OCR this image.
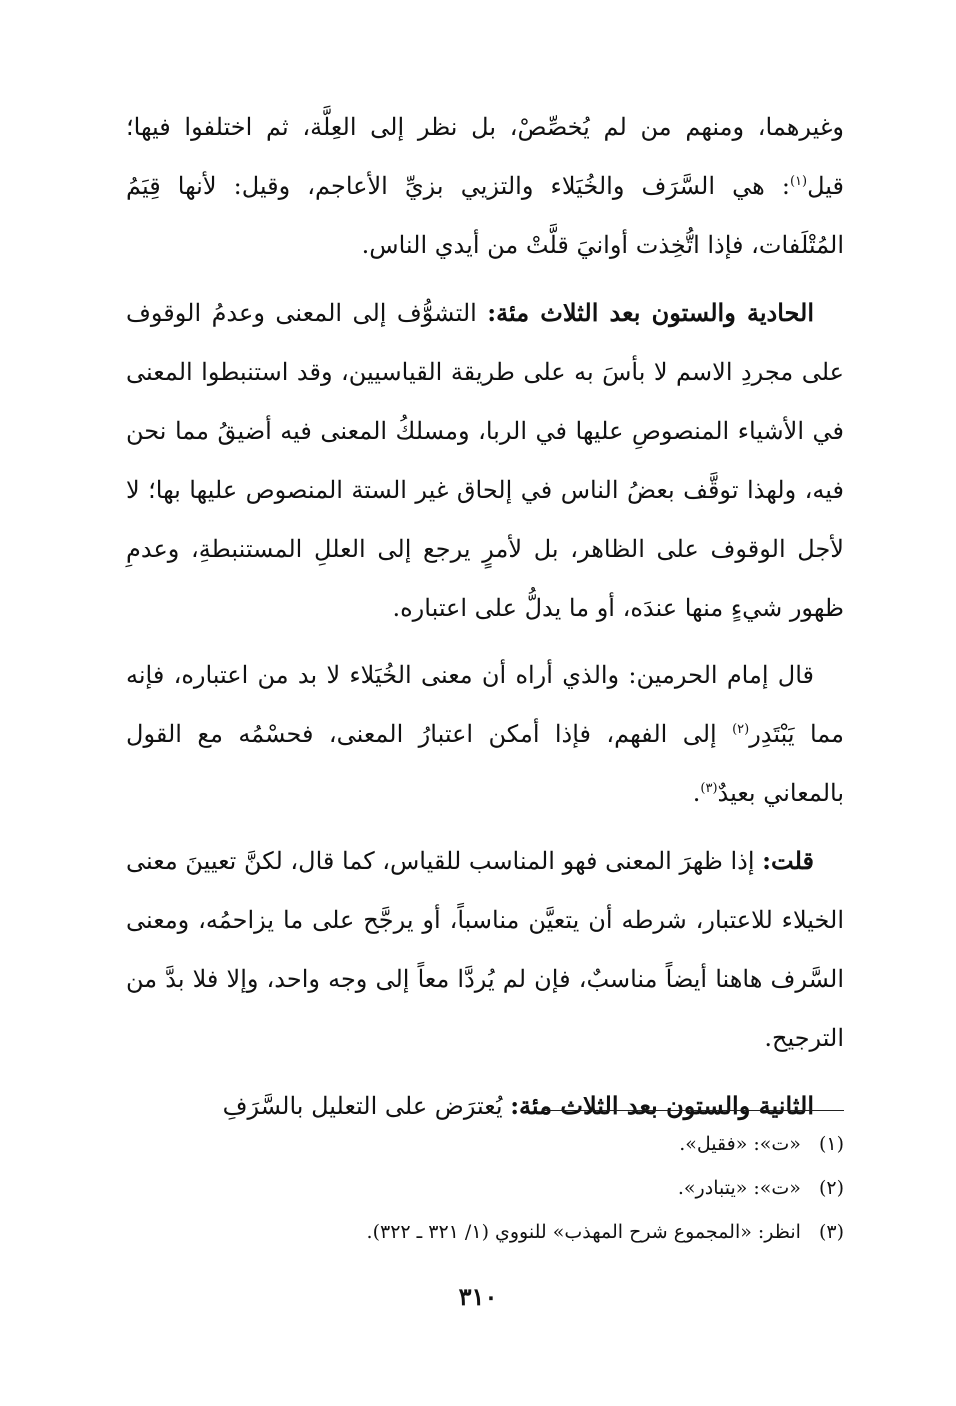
وغيرهما، ومنهم من لم يُخصِّصْ، بل نظر إلى العِلَّة، ثم اختلفوا فيها؛ قيل$^{(١)}$: هي السَّرَف والخُيَلاء والتزيي بزيِّ الأعاجم، وقيل: لأنها قِيَمُ المُتْلَفات، فإذا اتُّخِذت أوانيَ قلَّتْ من أيدي الناس.

الحادية والستون بعد الثلاث مئة: التشوُّف إلى المعنى وعدمُ الوقوف على مجردِ الاسم لا بأسَ به على طريقة القياسيين، وقد استنبطوا المعنى في الأشياء المنصوصِ عليها في الربا، ومسلكُ المعنى فيه أضيقُ مما نحن فيه، ولهذا توقَّف بعضُ الناس في إلحاق غير الستة المنصوص عليها بها؛ لا لأجل الوقوف على الظاهر، بل لأمرٍ يرجع إلى العللِ المستنبطةِ، وعدمِ ظهور شيءٍ منها عندَه، أو ما يدلُّ على اعتباره.

قال إمام الحرمين: والذي أراه أن معنى الخُيَلاء لا بد من اعتباره، فإنه مما يَبْتَدِر$^{(٢)}$ إلى الفهم، فإذا أمكن اعتبارُ المعنى، فحسْمُه مع القول بالمعاني بعيدٌ$^{(٣)}$.

قلت: إذا ظهرَ المعنى فهو المناسب للقياس، كما قال، لكنَّ تعيينَ معنى الخيلاء للاعتبار، شرطه أن يتعيَّن مناسباً، أو يرجَّح على ما يزاحمُه، ومعنى السَّرف هاهنا أيضاً مناسبٌ، فإن لم يُردَّا معاً إلى وجه واحد، وإلا فلا بدَّ من الترجيح.

الثانية والستون بعد الثلاث مئة: يُعترَض على التعليل بالسَّرَفِ

(١)
«ت»: «فقيل».
(٢)
«ت»: «يتبادر».
(٣)
انظر: «المجموع شرح المهذب» للنووي (١/ ٣٢١ ـ ٣٢٢).
٣١٠
